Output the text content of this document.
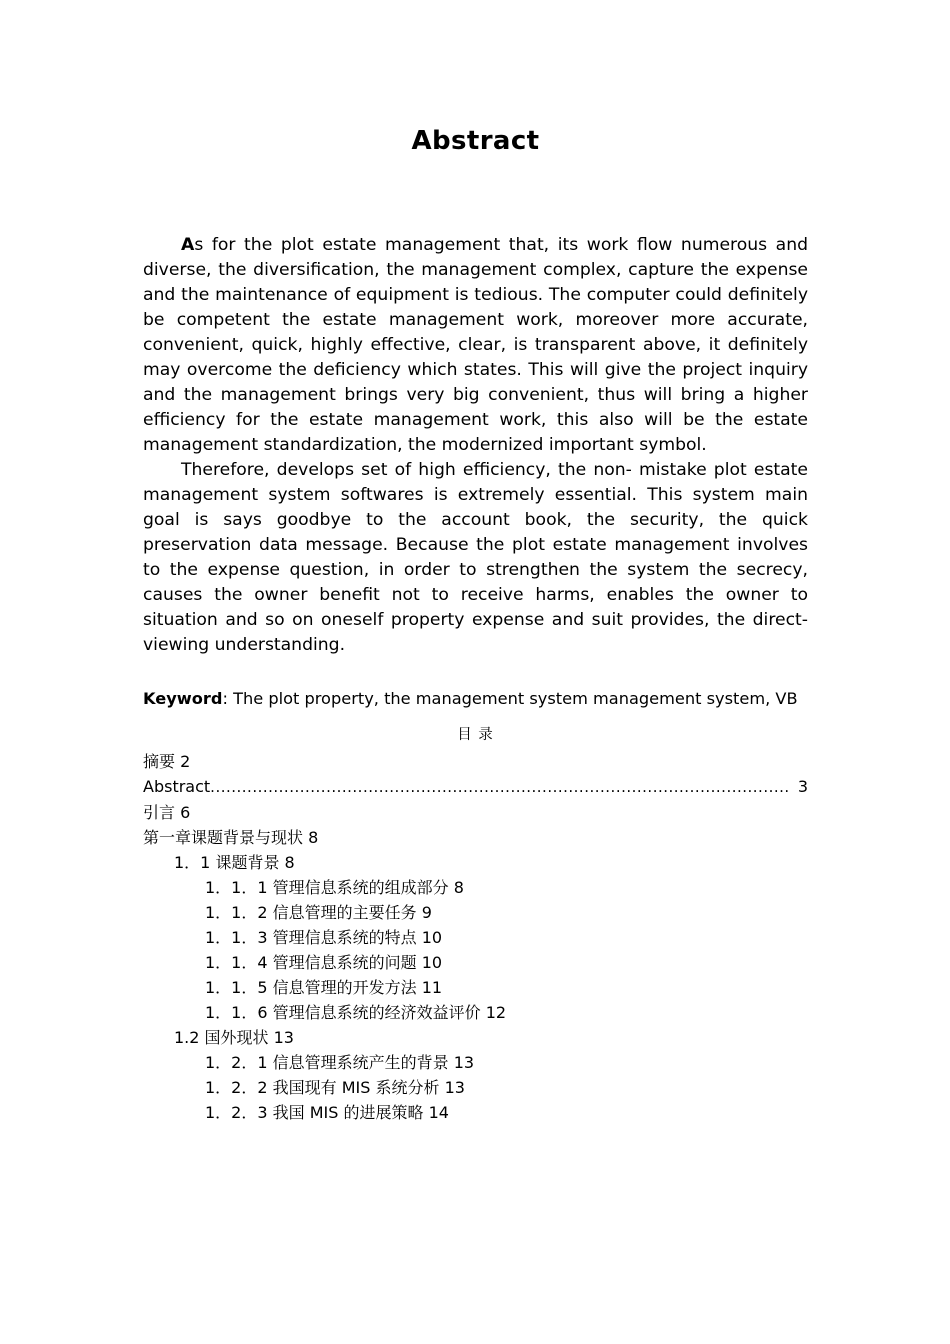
Abstract

As for the plot estate management that, its work flow numerous and diverse, the diversification, the management complex, capture the expense and the maintenance of equipment is tedious. The computer could definitely be competent the estate management work, moreover more accurate, convenient, quick, highly effective, clear, is transparent above, it definitely may overcome the deficiency which states. This will give the project inquiry and the management brings very big convenient, thus will bring a higher efficiency for the estate management work, this also will be the estate management standardization, the modernized important symbol.

Therefore, develops set of high efficiency, the non- mistake plot estate management system softwares is extremely essential. This system main goal is says goodbye to the account book, the security, the quick preservation data message. Because the plot estate management involves to the expense question, in order to strengthen the system the secrecy, causes the owner benefit not to receive harms, enables the owner to situation and so on oneself property expense and suit provides, the direct-viewing understanding.

Keyword: The plot property, the management system management system, VB
目 录
摘要 2
Abstract .............................................................................................................. 3
引言 6
第一章课题背景与现状 8
1．1 课题背景 8
1．1．1 管理信息系统的组成部分 8
1．1．2 信息管理的主要任务 9
1．1．3 管理信息系统的特点 10
1．1．4 管理信息系统的问题 10
1．1．5 信息管理的开发方法 11
1．1．6 管理信息系统的经济效益评价 12
1.2 国外现状 13
1．2．1 信息管理系统产生的背景 13
1．2．2 我国现有 MIS 系统分析 13
1．2．3 我国 MIS 的进展策略 14
